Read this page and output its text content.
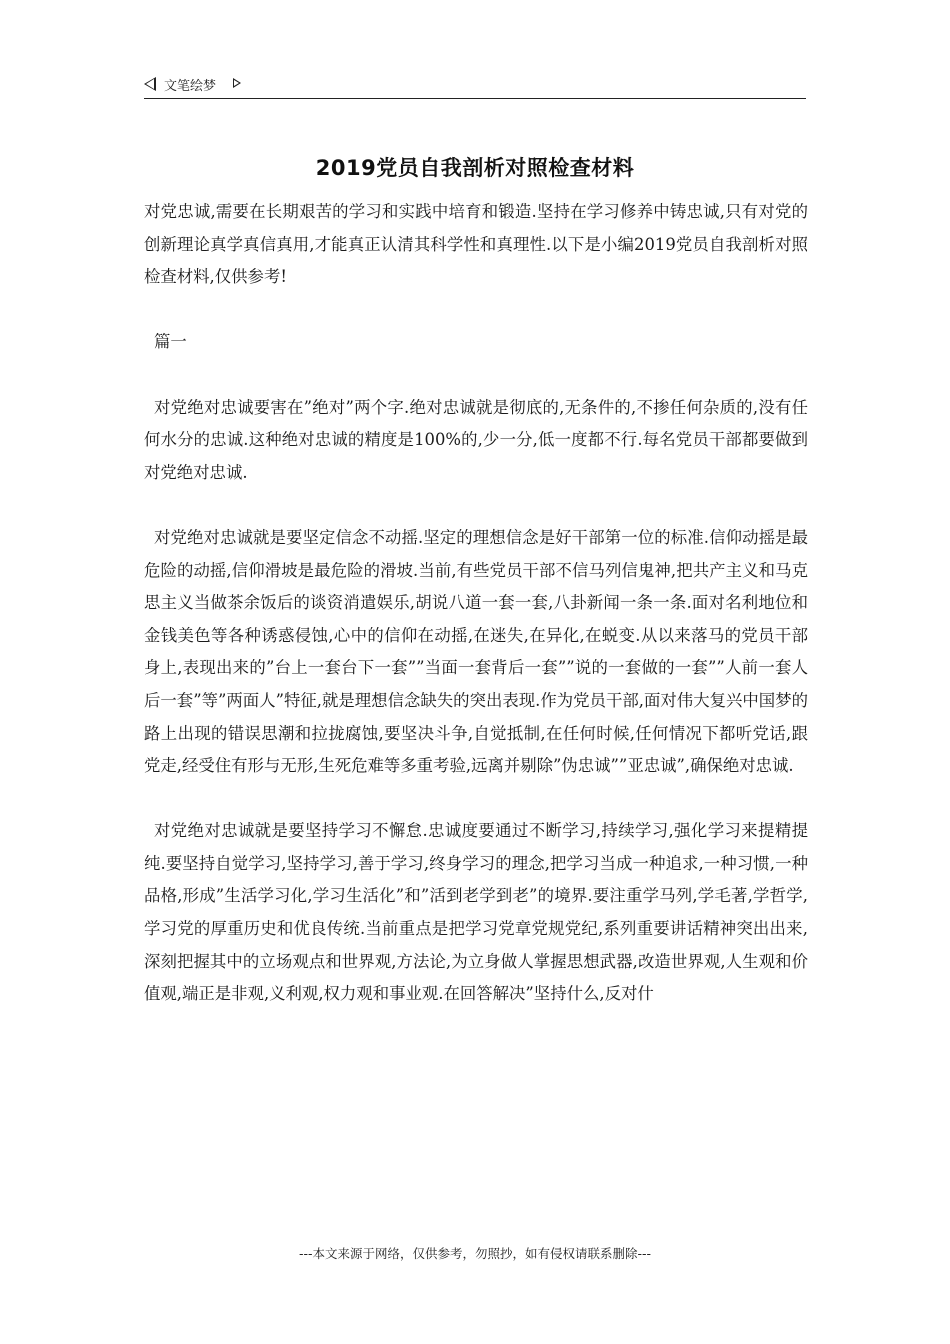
文笔绘梦
2019党员自我剖析对照检查材料

对党忠诚,需要在长期艰苦的学习和实践中培育和锻造.坚持在学习修养中铸忠诚,只有对党的创新理论真学真信真用,才能真正认清其科学性和真理性.以下是小编2019党员自我剖析对照检查材料,仅供参考!

篇一

对党绝对忠诚要害在”绝对”两个字.绝对忠诚就是彻底的,无条件的,不掺任何杂质的,没有任何水分的忠诚.这种绝对忠诚的精度是100%的,少一分,低一度都不行.每名党员干部都要做到对党绝对忠诚.

对党绝对忠诚就是要坚定信念不动摇.坚定的理想信念是好干部第一位的标准.信仰动摇是最危险的动摇,信仰滑坡是最危险的滑坡.当前,有些党员干部不信马列信鬼神,把共产主义和马克思主义当做茶余饭后的谈资消遣娱乐,胡说八道一套一套,八卦新闻一条一条.面对名利地位和金钱美色等各种诱惑侵蚀,心中的信仰在动摇,在迷失,在异化,在蜕变.从以来落马的党员干部身上,表现出来的”台上一套台下一套””当面一套背后一套””说的一套做的一套””人前一套人后一套”等”两面人”特征,就是理想信念缺失的突出表现.作为党员干部,面对伟大复兴中国梦的路上出现的错误思潮和拉拢腐蚀,要坚决斗争,自觉抵制,在任何时候,任何情况下都听党话,跟党走,经受住有形与无形,生死危难等多重考验,远离并剔除”伪忠诚””亚忠诚”,确保绝对忠诚.

对党绝对忠诚就是要坚持学习不懈怠.忠诚度要通过不断学习,持续学习,强化学习来提精提纯.要坚持自觉学习,坚持学习,善于学习,终身学习的理念,把学习当成一种追求,一种习惯,一种品格,形成”生活学习化,学习生活化”和”活到老学到老”的境界.要注重学马列,学毛著,学哲学,学习党的厚重历史和优良传统.当前重点是把学习党章党规党纪,系列重要讲话精神突出出来,深刻把握其中的立场观点和世界观,方法论,为立身做人掌握思想武器,改造世界观,人生观和价值观,端正是非观,义利观,权力观和事业观.在回答解决”坚持什么,反对什

---本文来源于网络，仅供参考，勿照抄，如有侵权请联系删除---
